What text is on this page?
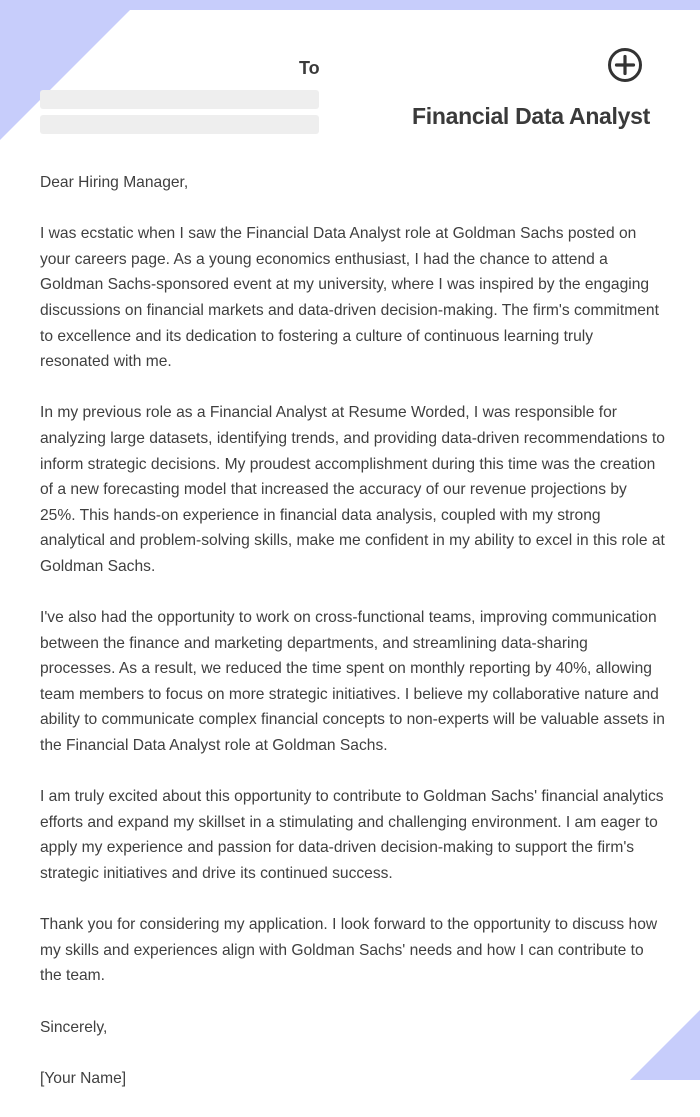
To
Financial Data Analyst

Dear Hiring Manager,

I was ecstatic when I saw the Financial Data Analyst role at Goldman Sachs posted on your careers page. As a young economics enthusiast, I had the chance to attend a Goldman Sachs-sponsored event at my university, where I was inspired by the engaging discussions on financial markets and data-driven decision-making. The firm's commitment to excellence and its dedication to fostering a culture of continuous learning truly resonated with me.

In my previous role as a Financial Analyst at Resume Worded, I was responsible for analyzing large datasets, identifying trends, and providing data-driven recommendations to inform strategic decisions. My proudest accomplishment during this time was the creation of a new forecasting model that increased the accuracy of our revenue projections by 25%. This hands-on experience in financial data analysis, coupled with my strong analytical and problem-solving skills, make me confident in my ability to excel in this role at Goldman Sachs.

I've also had the opportunity to work on cross-functional teams, improving communication between the finance and marketing departments, and streamlining data-sharing processes. As a result, we reduced the time spent on monthly reporting by 40%, allowing team members to focus on more strategic initiatives. I believe my collaborative nature and ability to communicate complex financial concepts to non-experts will be valuable assets in the Financial Data Analyst role at Goldman Sachs.

I am truly excited about this opportunity to contribute to Goldman Sachs' financial analytics efforts and expand my skillset in a stimulating and challenging environment. I am eager to apply my experience and passion for data-driven decision-making to support the firm's strategic initiatives and drive its continued success.

Thank you for considering my application. I look forward to the opportunity to discuss how my skills and experiences align with Goldman Sachs' needs and how I can contribute to the team.

Sincerely,

[Your Name]
